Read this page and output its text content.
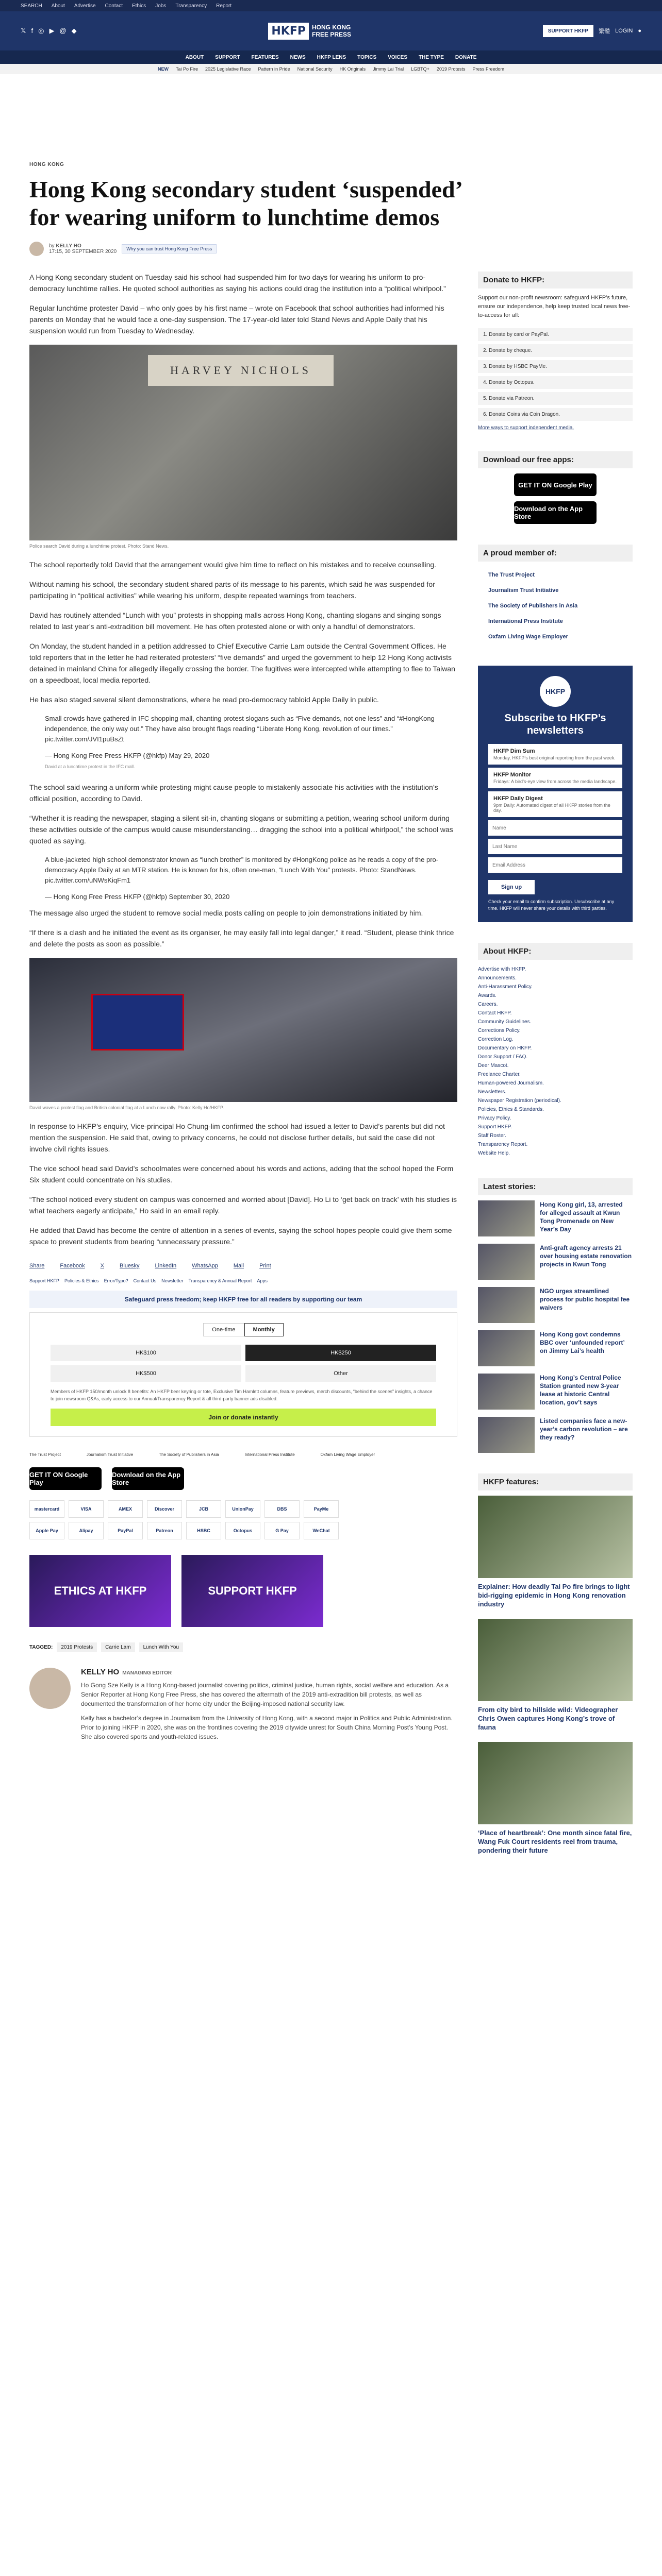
SEARCH About Advertise Contact Ethics Jobs Transparency Report
𝕏 f ◎ ▶ @ ◆	HKFP	HONG KONG
FREE PRESS	SUPPORT HKFP	繁體 LOGIN ●
ABOUT SUPPORT FEATURES NEWS HKFP LENS TOPICS VOICES THE TYPE DONATE
NEW Tai Po Fire 2025 Legislative Race Pattern in Pride National Security HK Originals Jimmy Lai Trial LGBTQ+ 2019 Protests Press Freedom
HONG KONG
Hong Kong secondary student ‘suspended’ for wearing uniform to lunchtime demos
by KELLY HO
17:15, 30 SEPTEMBER 2020	Why you can trust Hong Kong Free Press

A Hong Kong secondary student on Tuesday said his school had suspended him for two days for wearing his uniform to pro-democracy lunchtime rallies. He quoted school authorities as saying his actions could drag the institution into a “political whirlpool.”

Regular lunchtime protester David – who only goes by his first name – wrote on Facebook that school authorities had informed his parents on Monday that he would face a one-day suspension. The 17-year-old later told Stand News and Apple Daily that his suspension would run from Tuesday to Wednesday.

HARVEY NICHOLS
Police search David during a lunchtime protest. Photo: Stand News.

The school reportedly told David that the arrangement would give him time to reflect on his mistakes and to receive counselling.

Without naming his school, the secondary student shared parts of its message to his parents, which said he was suspended for participating in “political activities” while wearing his uniform, despite repeated warnings from teachers.

David has routinely attended “Lunch with you” protests in shopping malls across Hong Kong, chanting slogans and singing songs related to last year’s anti-extradition bill movement. He has often protested alone or with only a handful of demonstrators.

On Monday, the student handed in a petition addressed to Chief Executive Carrie Lam outside the Central Government Offices. He told reporters that in the letter he had reiterated protesters’ “five demands” and urged the government to help 12 Hong Kong activists detained in mainland China for allegedly illegally crossing the border. The fugitives were intercepted while attempting to flee to Taiwan on a speedboat, local media reported.

He has also staged several silent demonstrations, where he read pro-democracy tabloid Apple Daily in public.

Small crowds have gathered in IFC shopping mall, chanting protest slogans such as “Five demands, not one less” and “#HongKong independence, the only way out.” They have also brought flags reading “Liberate Hong Kong, revolution of our times.” pic.twitter.com/JVI1puBsZt
— Hong Kong Free Press HKFP (@hkfp) May 29, 2020
David at a lunchtime protest in the IFC mall.

The school said wearing a uniform while protesting might cause people to mistakenly associate his activities with the institution’s official position, according to David.

“Whether it is reading the newspaper, staging a silent sit-in, chanting slogans or submitting a petition, wearing school uniform during these activities outside of the campus would cause misunderstanding… dragging the school into a political whirlpool,” the school was quoted as saying.

A blue-jacketed high school demonstrator known as “lunch brother” is monitored by #HongKong police as he reads a copy of the pro-democracy Apple Daily at an MTR station. He is known for his, often one-man, “Lunch With You” protests. Photo: StandNews. pic.twitter.com/uNWsKiqFm1
— Hong Kong Free Press HKFP (@hkfp) September 30, 2020

The message also urged the student to remove social media posts calling on people to join demonstrations initiated by him.

“If there is a clash and he initiated the event as its organiser, he may easily fall into legal danger,” it read. “Student, please think thrice and delete the posts as soon as possible.”

David waves a protest flag and British colonial flag at a Lunch now rally. Photo: Kelly Ho/HKFP.

In response to HKFP’s enquiry, Vice-principal Ho Chung-lim confirmed the school had issued a letter to David’s parents but did not mention the suspension. He said that, owing to privacy concerns, he could not disclose further details, but said the case did not involve civil rights issues.

The vice school head said David’s schoolmates were concerned about his words and actions, adding that the school hoped the Form Six student could concentrate on his studies.

“The school noticed every student on campus was concerned and worried about [David]. Ho Li to ‘get back on track’ with his studies is what teachers eagerly anticipate,” Ho said in an email reply.

He added that David has become the centre of attention in a series of events, saying the school hopes people could give them some space to prevent students from bearing “unnecessary pressure.”

Share	Facebook	X	Bluesky	LinkedIn	WhatsApp	Mail	Print
Support HKFP Policies & Ethics Error/Typo? Contact Us Newsletter Transparency & Annual Report Apps
Safeguard press freedom; keep HKFP free for all readers by supporting our team
One-time	Monthly
HK$100	HK$250
HK$500	Other
Members of HKFP 150/month unlock 8 benefits: An HKFP beer keyring or tote, Exclusive Tim Hamlett columns, feature previews, merch discounts, “behind the scenes” insights, a chance to join newsroom Q&As, early access to our Annual/Transparency Report & all third-party banner ads disabled.
Join or donate instantly
The Trust Project	Journalism Trust Initiative	The Society of Publishers in Asia	International Press Institute	Oxfam Living Wage Employer
GET IT ON Google Play
Download on the App Store
mastercard	VISA	AMEX	Discover	JCB	UnionPay	DBS	PayMe
Apple Pay	Alipay	PayPal	Patreon	HSBC	Octopus	G Pay	WeChat
ETHICS AT HKFP	SUPPORT HKFP
TAGGED:	2019 Protests	Carrie Lam	Lunch With You
KELLY HO MANAGING EDITOR

Ho Gong Sze Kelly is a Hong Kong-based journalist covering politics, criminal justice, human rights, social welfare and education. As a Senior Reporter at Hong Kong Free Press, she has covered the aftermath of the 2019 anti-extradition bill protests, as well as documented the transformation of her home city under the Beijing-imposed national security law.

Kelly has a bachelor’s degree in Journalism from the University of Hong Kong, with a second major in Politics and Public Administration. Prior to joining HKFP in 2020, she was on the frontlines covering the 2019 citywide unrest for South China Morning Post’s Young Post. She also covered sports and youth-related issues.

Donate to HKFP:

Support our non-profit newsroom: safeguard HKFP’s future, ensure our independence, help keep trusted local news free-to-access for all:

1. Donate by card or PayPal.
2. Donate by cheque.
3. Donate by HSBC PayMe.
4. Donate by Octopus.
5. Donate via Patreon.
6. Donate Coins via Coin Dragon.
More ways to support independent media.
Download our free apps:
GET IT ON Google Play
Download on the App Store
A proud member of:
The Trust Project
Journalism Trust Initiative
The Society of Publishers in Asia
International Press Institute
Oxfam Living Wage Employer
HKFP
Subscribe to HKFP’s newsletters
HKFP Dim Sum
Monday, HKFP’s best original reporting from the past week.
HKFP Monitor
Fridays: A bird’s-eye view from across the media landscape.
HKFP Daily Digest
9pm Daily: Automated digest of all HKFP stories from the day.
Name Last Name Email Address
Sign up
Check your email to confirm subscription. Unsubscribe at any time. HKFP will never share your details with third parties.
About HKFP:
Advertise with HKFP.
Announcements.
Anti-Harassment Policy.
Awards.
Careers.
Contact HKFP.
Community Guidelines.
Corrections Policy.
Correction Log.
Documentary on HKFP.
Donor Support / FAQ.
Deer Mascot.
Freelance Charter.
Human-powered Journalism.
Newsletters.
Newspaper Registration (periodical).
Policies, Ethics & Standards.
Privacy Policy.
Support HKFP.
Staff Roster.
Transparency Report.
Website Help.
Latest stories:
Hong Kong girl, 13, arrested for alleged assault at Kwun Tong Promenade on New Year’s Day
Anti-graft agency arrests 21 over housing estate renovation projects in Kwun Tong
NGO urges streamlined process for public hospital fee waivers
Hong Kong govt condemns BBC over ‘unfounded report’ on Jimmy Lai’s health
Hong Kong’s Central Police Station granted new 3-year lease at historic Central location, gov’t says
Listed companies face a new-year’s carbon revolution – are they ready?
HKFP features:
Explainer: How deadly Tai Po fire brings to light bid-rigging epidemic in Hong Kong renovation industry
From city bird to hillside wild: Videographer Chris Owen captures Hong Kong’s trove of fauna
‘Place of heartbreak’: One month since fatal fire, Wang Fuk Court residents reel from trauma, pondering their future
